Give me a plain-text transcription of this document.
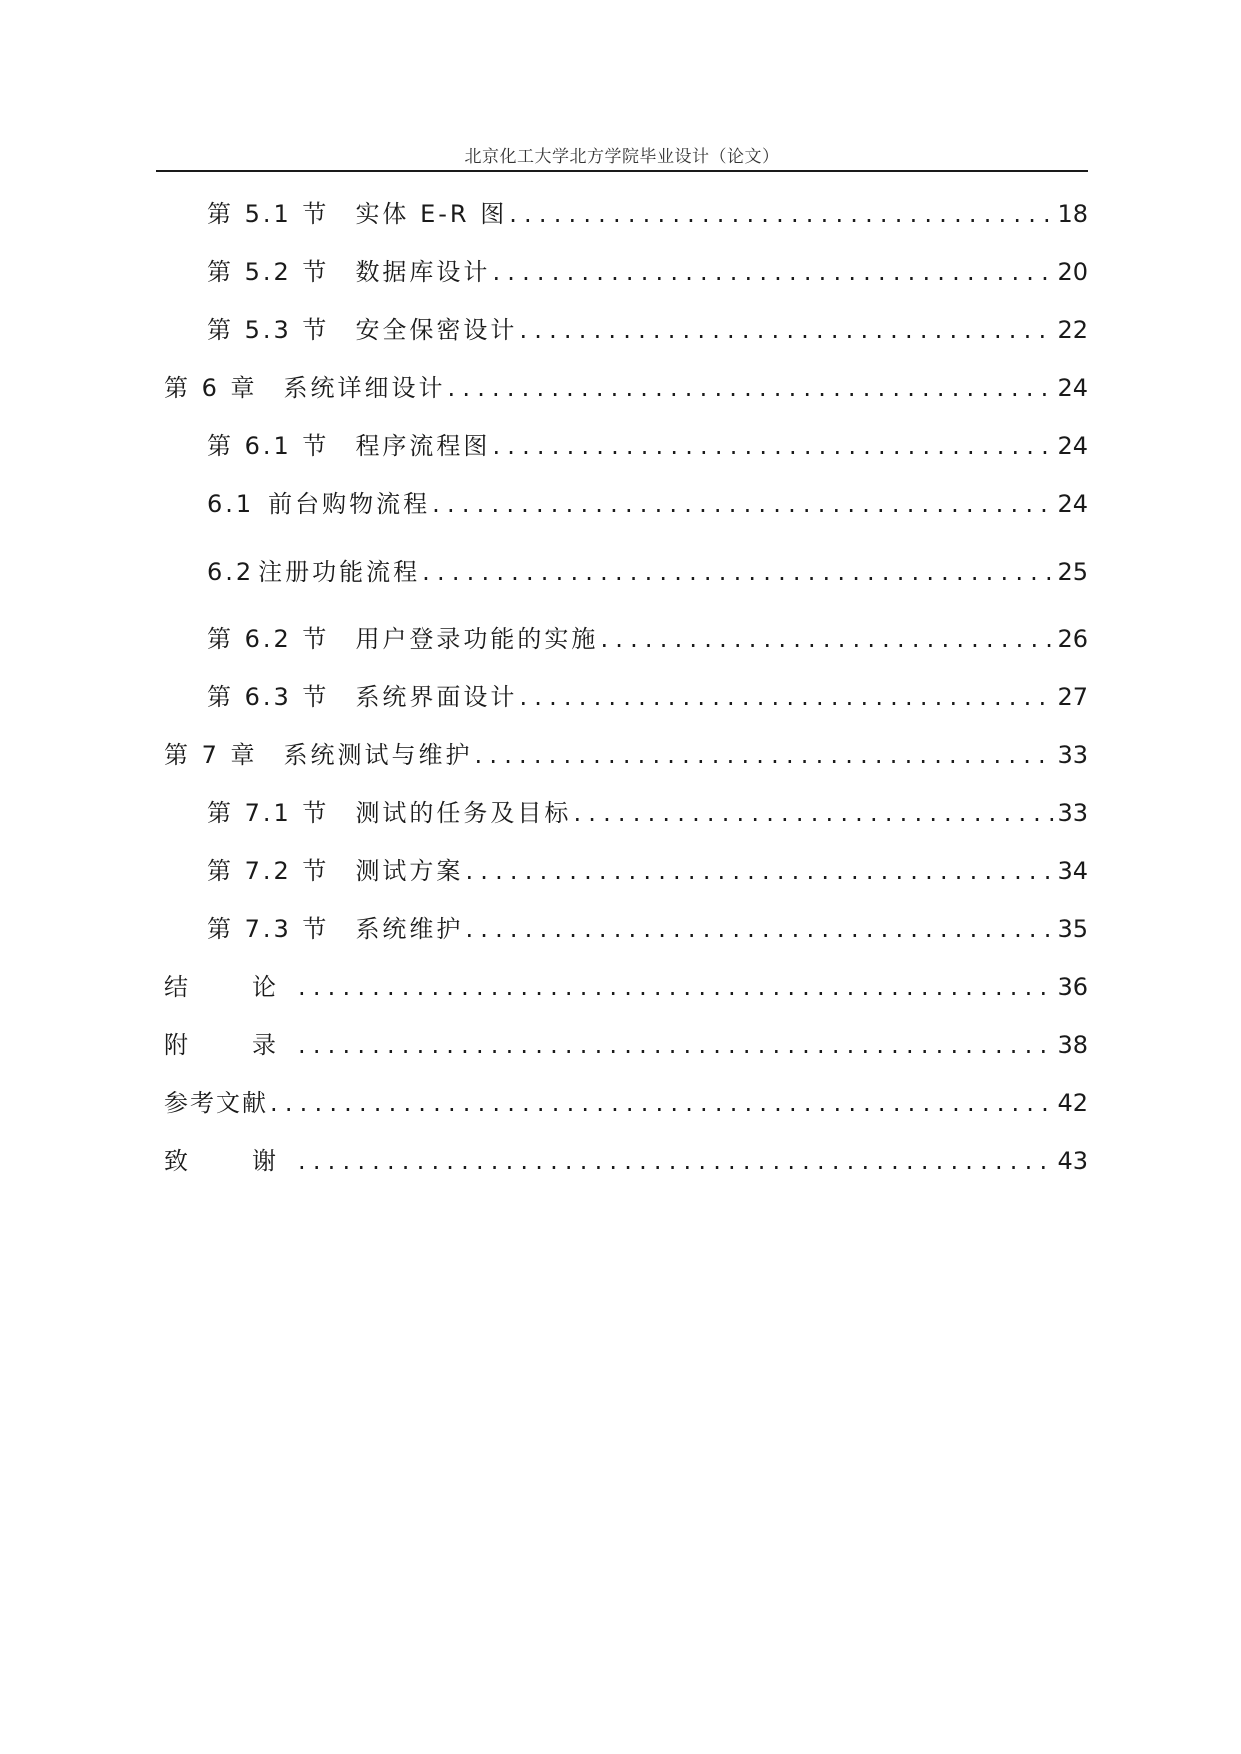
北京化工大学北方学院毕业设计（论文）
第 5.1 节 实体 E-R 图 .....	18
第 5.2 节 数据库设计 .....	20
第 5.3 节 安全保密设计 .....	22
第 6 章 系统详细设计 .....	24
第 6.1 节 程序流程图 .....	24
6.1 前台购物流程 .....	24
6.2 注册功能流程 .....	25
第 6.2 节 用户登录功能的实施 .....	26
第 6.3 节 系统界面设计 .....	27
第 7 章 系统测试与维护 .....	33
第 7.1 节 测试的任务及目标 .....	33
第 7.2 节 测试方案 .....	34
第 7.3 节 系统维护 .....	35
结　论 .....	36
附　录 .....	38
参考文献 .....	42
致　谢 .....	43
